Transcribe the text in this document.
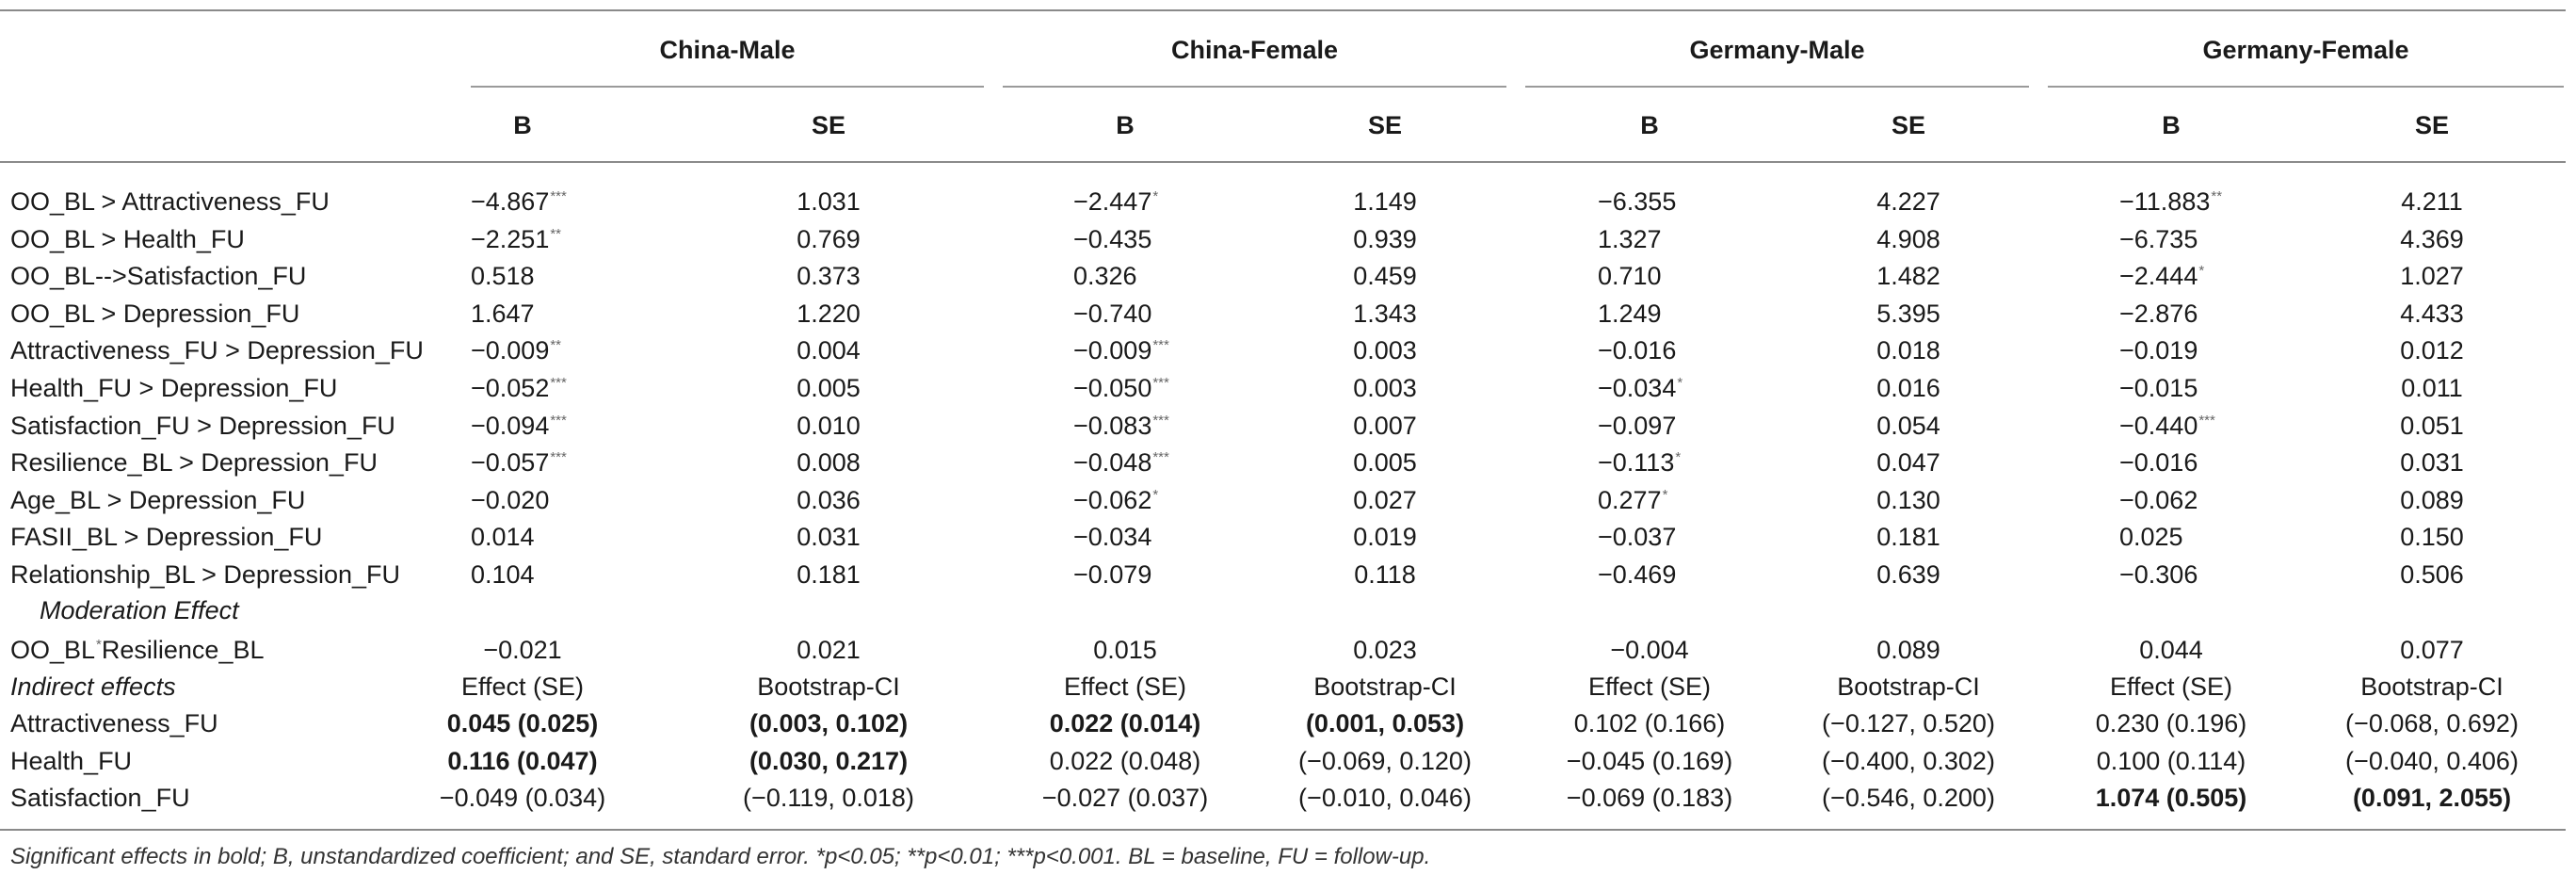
China-Male
B	SE
China-Female
B	SE
Germany-Male
B	SE
Germany-Female
B	SE
OO_BL > Attractiveness_FU	−4.867***	1.031	−2.447*	1.149	−6.355	4.227	−11.883**	4.211
OO_BL > Health_FU	−2.251**	0.769	−0.435	0.939	1.327	4.908	−6.735	4.369
OO_BL-->Satisfaction_FU	0.518	0.373	0.326	0.459	0.710	1.482	−2.444*	1.027
OO_BL > Depression_FU	1.647	1.220	−0.740	1.343	1.249	5.395	−2.876	4.433
Attractiveness_FU > Depression_FU −0.009**	0.004	−0.009***	0.003	−0.016	0.018	−0.019	0.012
Health_FU > Depression_FU	−0.052***	0.005	−0.050***	0.003	−0.034*	0.016	−0.015	0.011
Satisfaction_FU > Depression_FU	−0.094***	0.010	−0.083***	0.007	−0.097	0.054	−0.440***	0.051
Resilience_BL > Depression_FU	−0.057***	0.008	−0.048***	0.005	−0.113*	0.047	−0.016	0.031
Age_BL > Depression_FU	−0.020	0.036	−0.062*	0.027	0.277*	0.130	−0.062	0.089
FASII_BL > Depression_FU	0.014	0.031	−0.034	0.019	−0.037	0.181	0.025	0.150
Relationship_BL > Depression_FU	0.104	0.181	−0.079	0.118	−0.469	0.639	−0.306	0.506
Moderation Effect
OO_BL*Resilience_BL	−0.021	0.021	0.015	0.023	−0.004	0.089	0.044	0.077
Indirect effects	Effect (SE)	Bootstrap-CI	Effect (SE)	Bootstrap-CI	Effect (SE)	Bootstrap-CI	Effect (SE)	Bootstrap-CI
Attractiveness_FU	0.045 (0.025)	(0.003, 0.102)	0.022 (0.014)	(0.001, 0.053)	0.102 (0.166)	(−0.127, 0.520)	0.230 (0.196)	(−0.068, 0.692)
Health_FU	0.116 (0.047)	(0.030, 0.217)	0.022 (0.048)	(−0.069, 0.120)	−0.045 (0.169)	(−0.400, 0.302)	0.100 (0.114)	(−0.040, 0.406)
Satisfaction_FU	−0.049 (0.034)	(−0.119, 0.018)	−0.027 (0.037)	(−0.010, 0.046)	−0.069 (0.183)	(−0.546, 0.200)	1.074 (0.505)	(0.091, 2.055)
Significant effects in bold; B, unstandardized coefficient; and SE, standard error. *p<0.05; **p<0.01; ***p<0.001. BL = baseline, FU = follow-up.
